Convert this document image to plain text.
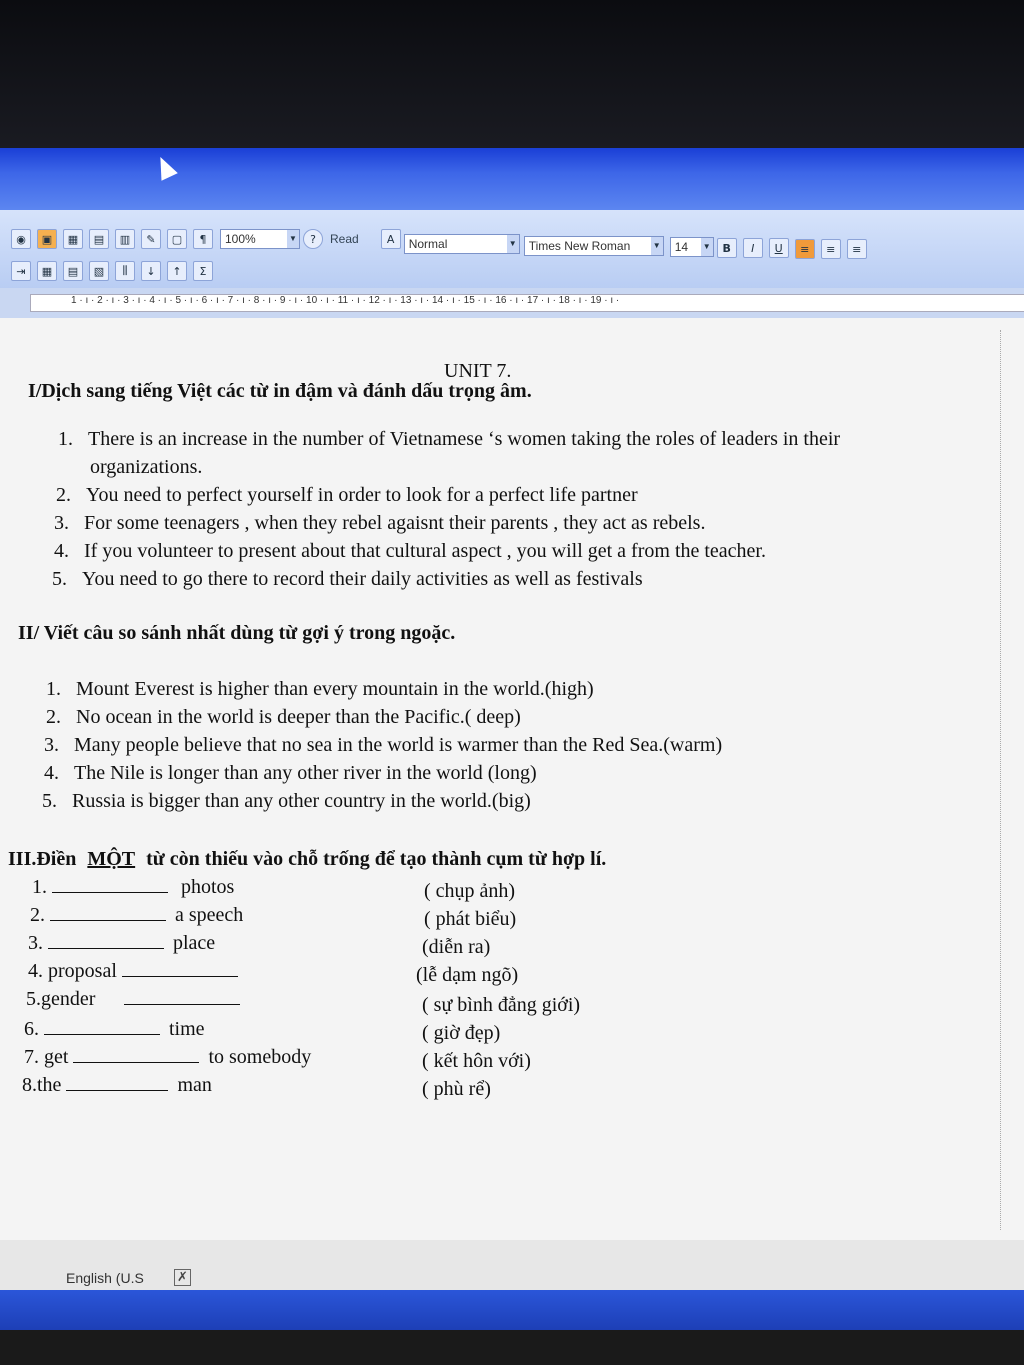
◉	▣	▦	▤	▥	✎	▢	¶	100%	▼	?	Read	A	Normal	▼ Times New Roman	▼ 14 ▼	B	I	U	≡	≡	≡
⇥	▦	▤	▧	⫼	↓	↑	Σ
1 · ı · 2 · ı · 3 · ı · 4 · ı · 5 · ı · 6 · ı · 7 · ı · 8 · ı · 9 · ı · 10 · ı · 11 · ı · 12 · ı · 13 · ı · 14 · ı · 15 · ı · 16 · ı · 17 · ı · 18 · ı · 19 · ı ·
UNIT 7.
I/Dịch sang tiếng Việt các từ in đậm và đánh dấu trọng âm.
1. There is an increase in the number of Vietnamese ‘s women taking the roles of leaders in their
organizations.
2. You need to perfect yourself in order to look for a perfect life partner
3. For some teenagers , when they rebel agaisnt their parents , they act as rebels.
4. If you volunteer to present about that cultural aspect , you will get a from the teacher.
5. You need to go there to record their daily activities as well as festivals
II/ Viết câu so sánh nhất dùng từ gợi ý trong ngoặc.
1. Mount Everest is higher than every mountain in the world.(high)
2. No ocean in the world is deeper than the Pacific.( deep)
3. Many people believe that no sea in the world is warmer than the Red Sea.(warm)
4. The Nile is longer than any other river in the world (long)
5. Russia is bigger than any other country in the world.(big)
III.Điền MỘT từ còn thiếu vào chỗ trống để tạo thành cụm từ hợp lí.
1.	photos	( chụp ảnh)
2.	a speech	( phát biểu)
3.	place	(diễn ra)
4. proposal	(lễ dạm ngõ)
5.gender	( sự bình đẳng giới)
6.	time	( giờ đẹp)
7. get	to somebody	( kết hôn với)
8.the	man	( phù rể)
English (U.S	✗
